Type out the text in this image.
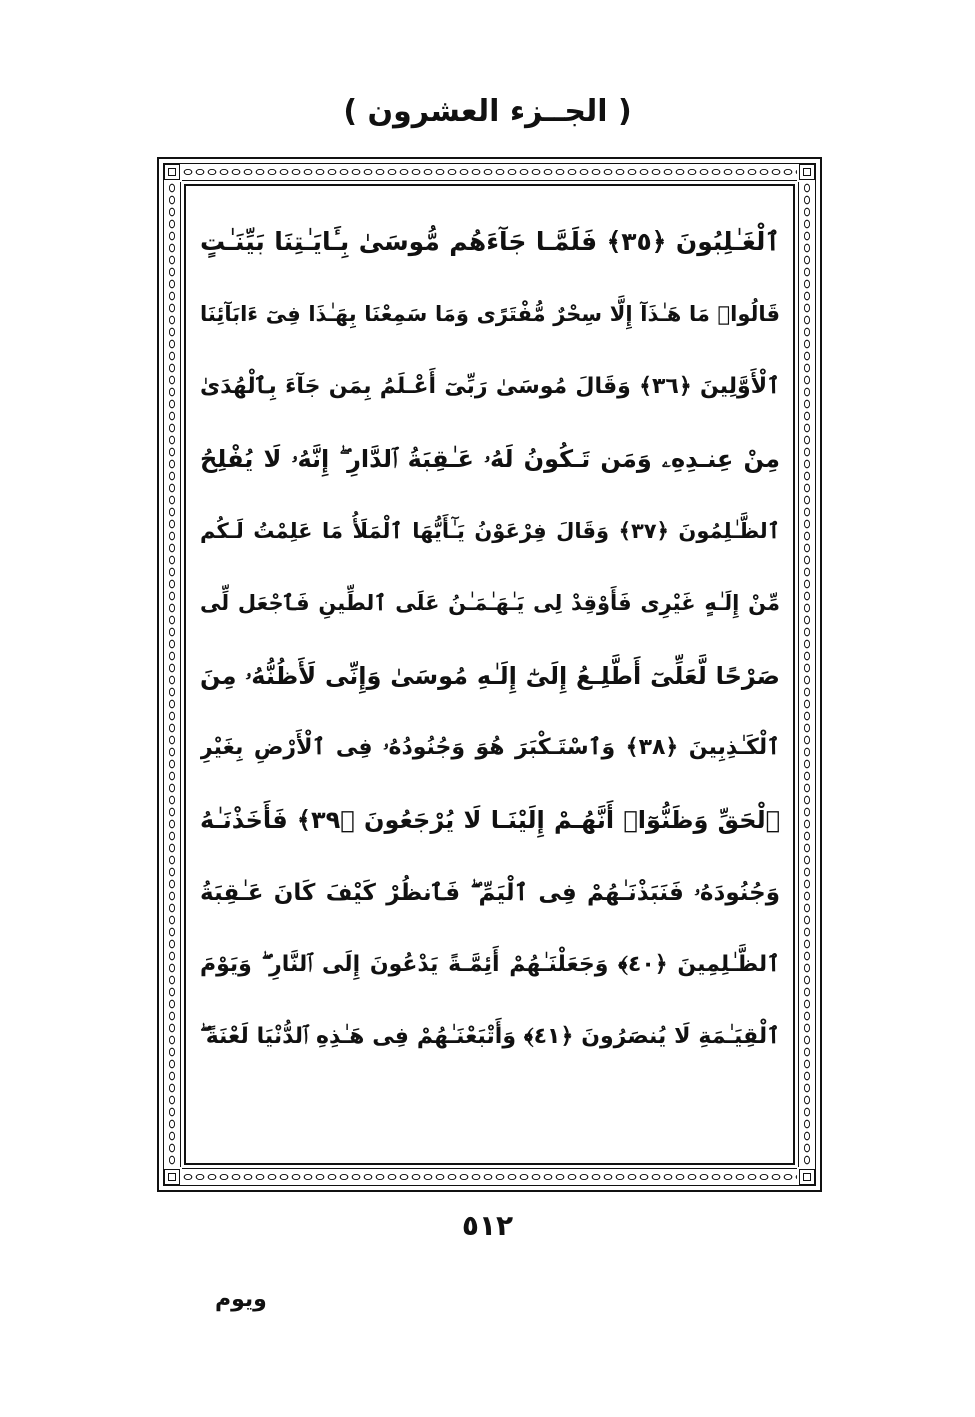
( الجــزء العشرون )
ٱلْغَـٰلِبُونَ ﴿٣٥﴾ فَلَمَّـا جَآءَهُم مُّوسَىٰ بِـَٔايَـٰتِنَا بَيِّنَـٰتٍ
قَالُوا۟ مَا هَـٰذَآ إِلَّا سِحْرٌ مُّفْتَرًى وَمَا سَمِعْنَا بِهَـٰذَا فِىٓ ءَابَآئِنَا
ٱلْأَوَّلِينَ ﴿٣٦﴾ وَقَالَ مُوسَىٰ رَبِّىٓ أَعْـلَمُ بِمَن جَآءَ بِٱلْهُدَىٰ
مِنْ عِنـدِهِۦ وَمَن تَـكُونُ لَهُۥ عَـٰقِبَةُ ٱلدَّارِ ۖ إِنَّهُۥ لَا يُفْلِحُ
ٱلظَّـٰلِمُونَ ﴿٣٧﴾ وَقَالَ فِرْعَوْنُ يَـٰٓأَيُّهَا ٱلْمَلَأُ مَا عَلِمْتُ لَـكُم
مِّنْ إِلَـٰهٍ غَيْرِى فَأَوْقِدْ لِى يَـٰهَـٰمَـٰنُ عَلَى ٱلطِّينِ فَٱجْعَل لِّى
صَرْحًا لَّعَلِّىٓ أَطَّلِـعُ إِلَىٰٓ إِلَـٰهِ مُوسَىٰ وَإِنِّى لَأَظُنُّهُۥ مِنَ
ٱلْكَـٰذِبِينَ ﴿٣٨﴾ وَٱسْتَـكْبَرَ هُوَ وَجُنُودُهُۥ فِى ٱلْأَرْضِ بِغَيْرِ
ٱلْحَقِّ وَظَنُّوٓا۟ أَنَّهُـمْ إِلَيْنَـا لَا يُرْجَعُونَ ﴿٣٩﴾ فَأَخَذْنَـٰهُ
وَجُنُودَهُۥ فَنَبَذْنَـٰهُمْ فِى ٱلْيَمِّ ۖ فَٱنظُرْ كَيْفَ كَانَ عَـٰقِبَةُ
ٱلظَّـٰلِمِينَ ﴿٤٠﴾ وَجَعَلْنَـٰهُمْ أَئِمَّـةً يَدْعُونَ إِلَى ٱلنَّارِ ۖ وَيَوْمَ
ٱلْقِيَـٰمَةِ لَا يُنصَرُونَ ﴿٤١﴾ وَأَتْبَعْنَـٰهُمْ فِى هَـٰذِهِ ٱلدُّنْيَا لَعْنَةً ۖ
٥١٢
ويوم
